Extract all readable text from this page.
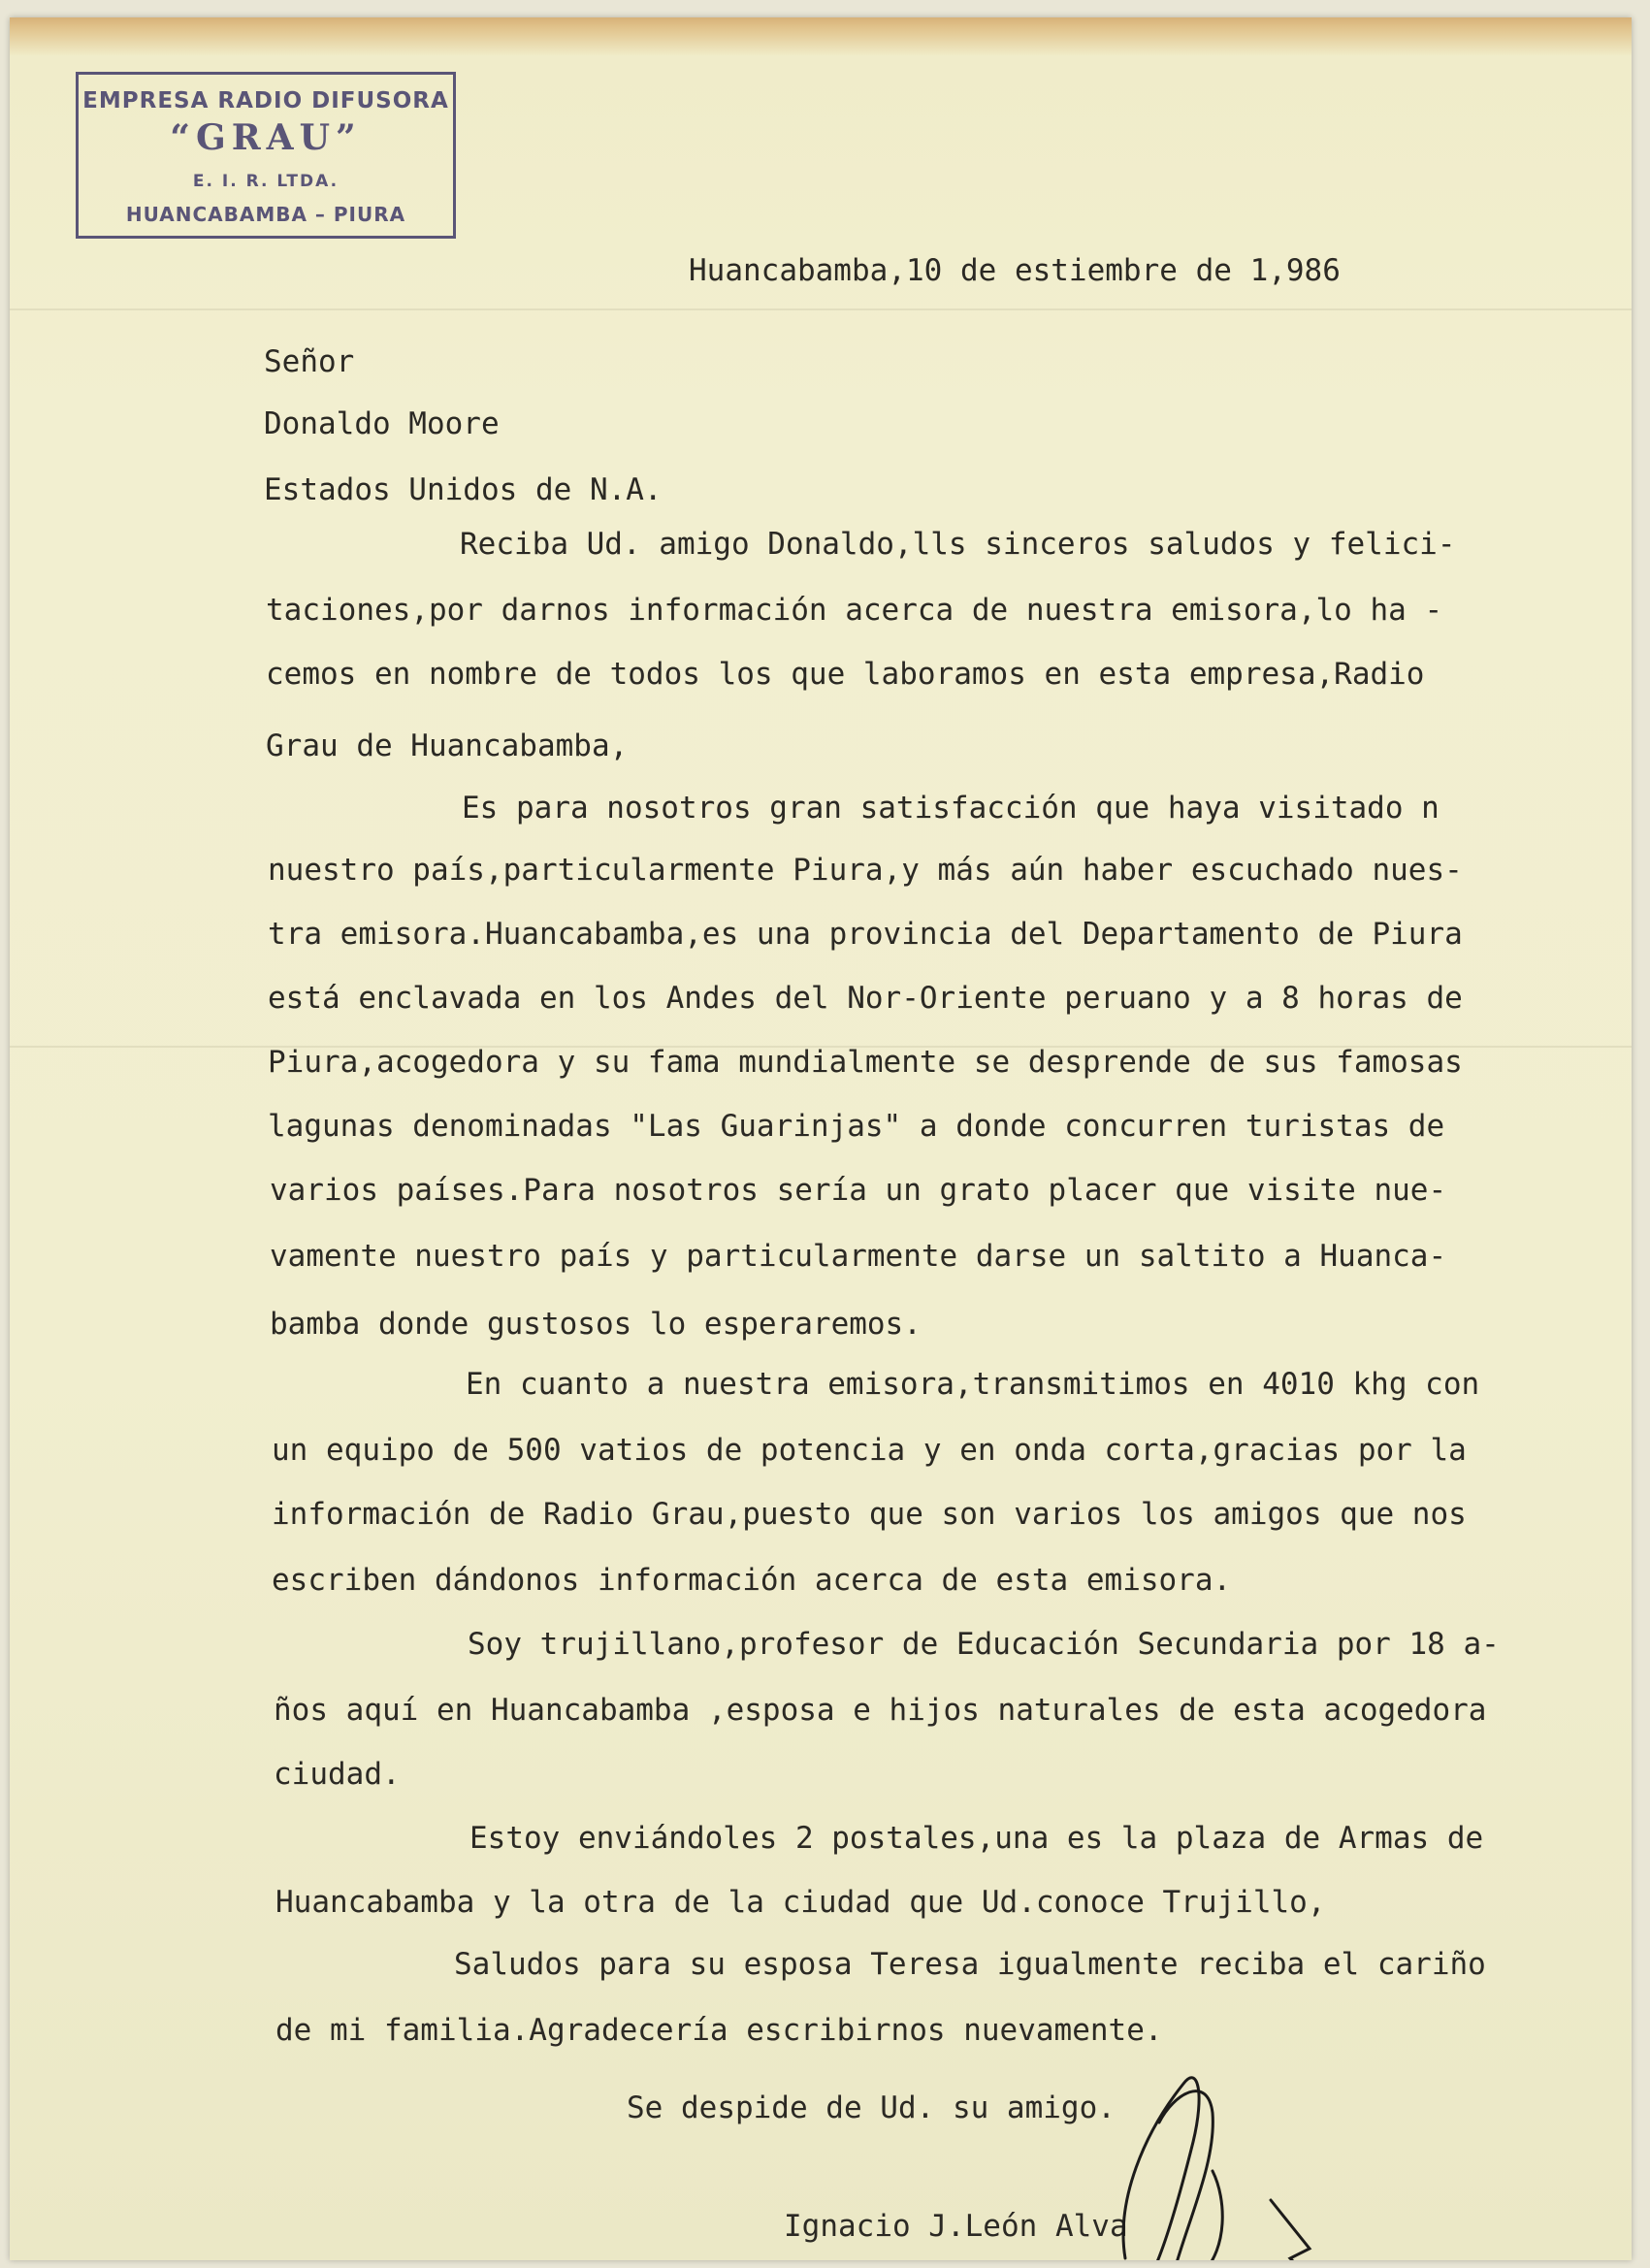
EMPRESA RADIO DIFUSORA
“GRAU”
E. I. R. LTDA.
HUANCABAMBA – PIURA
Huancabamba,10 de estiembre de 1,986
Señor
Donaldo Moore
Estados Unidos de N.A.
Reciba Ud. amigo Donaldo,lls sinceros saludos y felici-
taciones,por darnos información acerca de nuestra emisora,lo ha -
cemos en nombre de todos los que laboramos en esta empresa,Radio
Grau de Huancabamba,
Es para nosotros gran satisfacción que haya visitado n
nuestro país,particularmente Piura,y más aún haber escuchado nues-
tra emisora.Huancabamba,es una provincia del Departamento de Piura
está enclavada en los Andes del Nor-Oriente peruano y a 8 horas de
Piura,acogedora y su fama mundialmente se desprende de sus famosas
lagunas denominadas "Las Guarinjas" a donde concurren turistas de
varios países.Para nosotros sería un grato placer que visite nue-
vamente nuestro país y particularmente darse un saltito a Huanca-
bamba donde gustosos lo esperaremos.
En cuanto a nuestra emisora,transmitimos en 4010 khg con
un equipo de 500 vatios de potencia y en onda corta,gracias por la
información de Radio Grau,puesto que son varios los amigos que nos
escriben dándonos información acerca de esta emisora.
Soy trujillano,profesor de Educación Secundaria por 18 a-
ños aquí en Huancabamba ,esposa e hijos naturales de esta acogedora
ciudad.
Estoy enviándoles 2 postales,una es la plaza de Armas de
Huancabamba y la otra de la ciudad que Ud.conoce Trujillo,
Saludos para su esposa Teresa igualmente reciba el cariño
de mi familia.Agradecería escribirnos nuevamente.
Se despide de Ud. su amigo.
Ignacio J.León Alva
